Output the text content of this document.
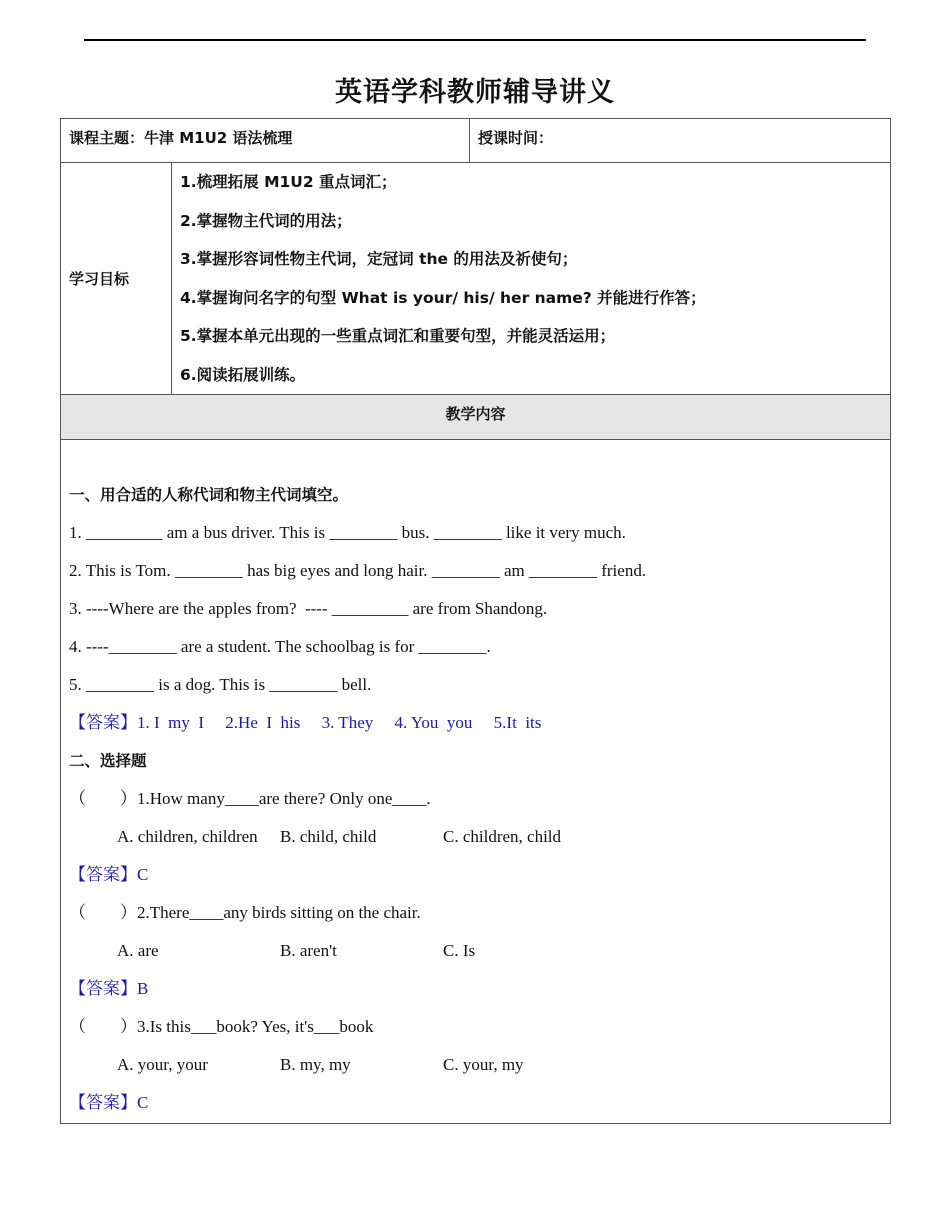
英语学科教师辅导讲义
课程主题：牛津 M1U2 语法梳理	授课时间：
学习目标
1.梳理拓展 M1U2 重点词汇；
2.掌握物主代词的用法；
3.掌握形容词性物主代词，定冠词 the 的用法及祈使句；
4.掌握询问名字的句型 What is your/ his/ her name? 并能进行作答；
5.掌握本单元出现的一些重点词汇和重要句型，并能灵活运用；
6.阅读拓展训练。
教学内容
一、用合适的人称代词和物主代词填空。
1. _________ am a bus driver. This is ________ bus. ________ like it very much.
2. This is Tom. ________ has big eyes and long hair. ________ am ________ friend.
3. ----Where are the apples from?  ---- _________ are from Shandong.
4. ----________ are a student. The schoolbag is for ________.
5. ________ is a dog. This is ________ bell.
【答案】1. I  my  I     2.He  I  his     3. They     4. You  you     5.It  its
二、选择题
（        ）1.How many____are there? Only one____.
A. children, children	B. child, child	C. children, child
【答案】C
（        ）2.There____any birds sitting on the chair.
A. are	B. aren't	C. Is
【答案】B
（        ）3.Is this___book? Yes, it's___book
A. your, your	B. my, my	C. your, my
【答案】C
